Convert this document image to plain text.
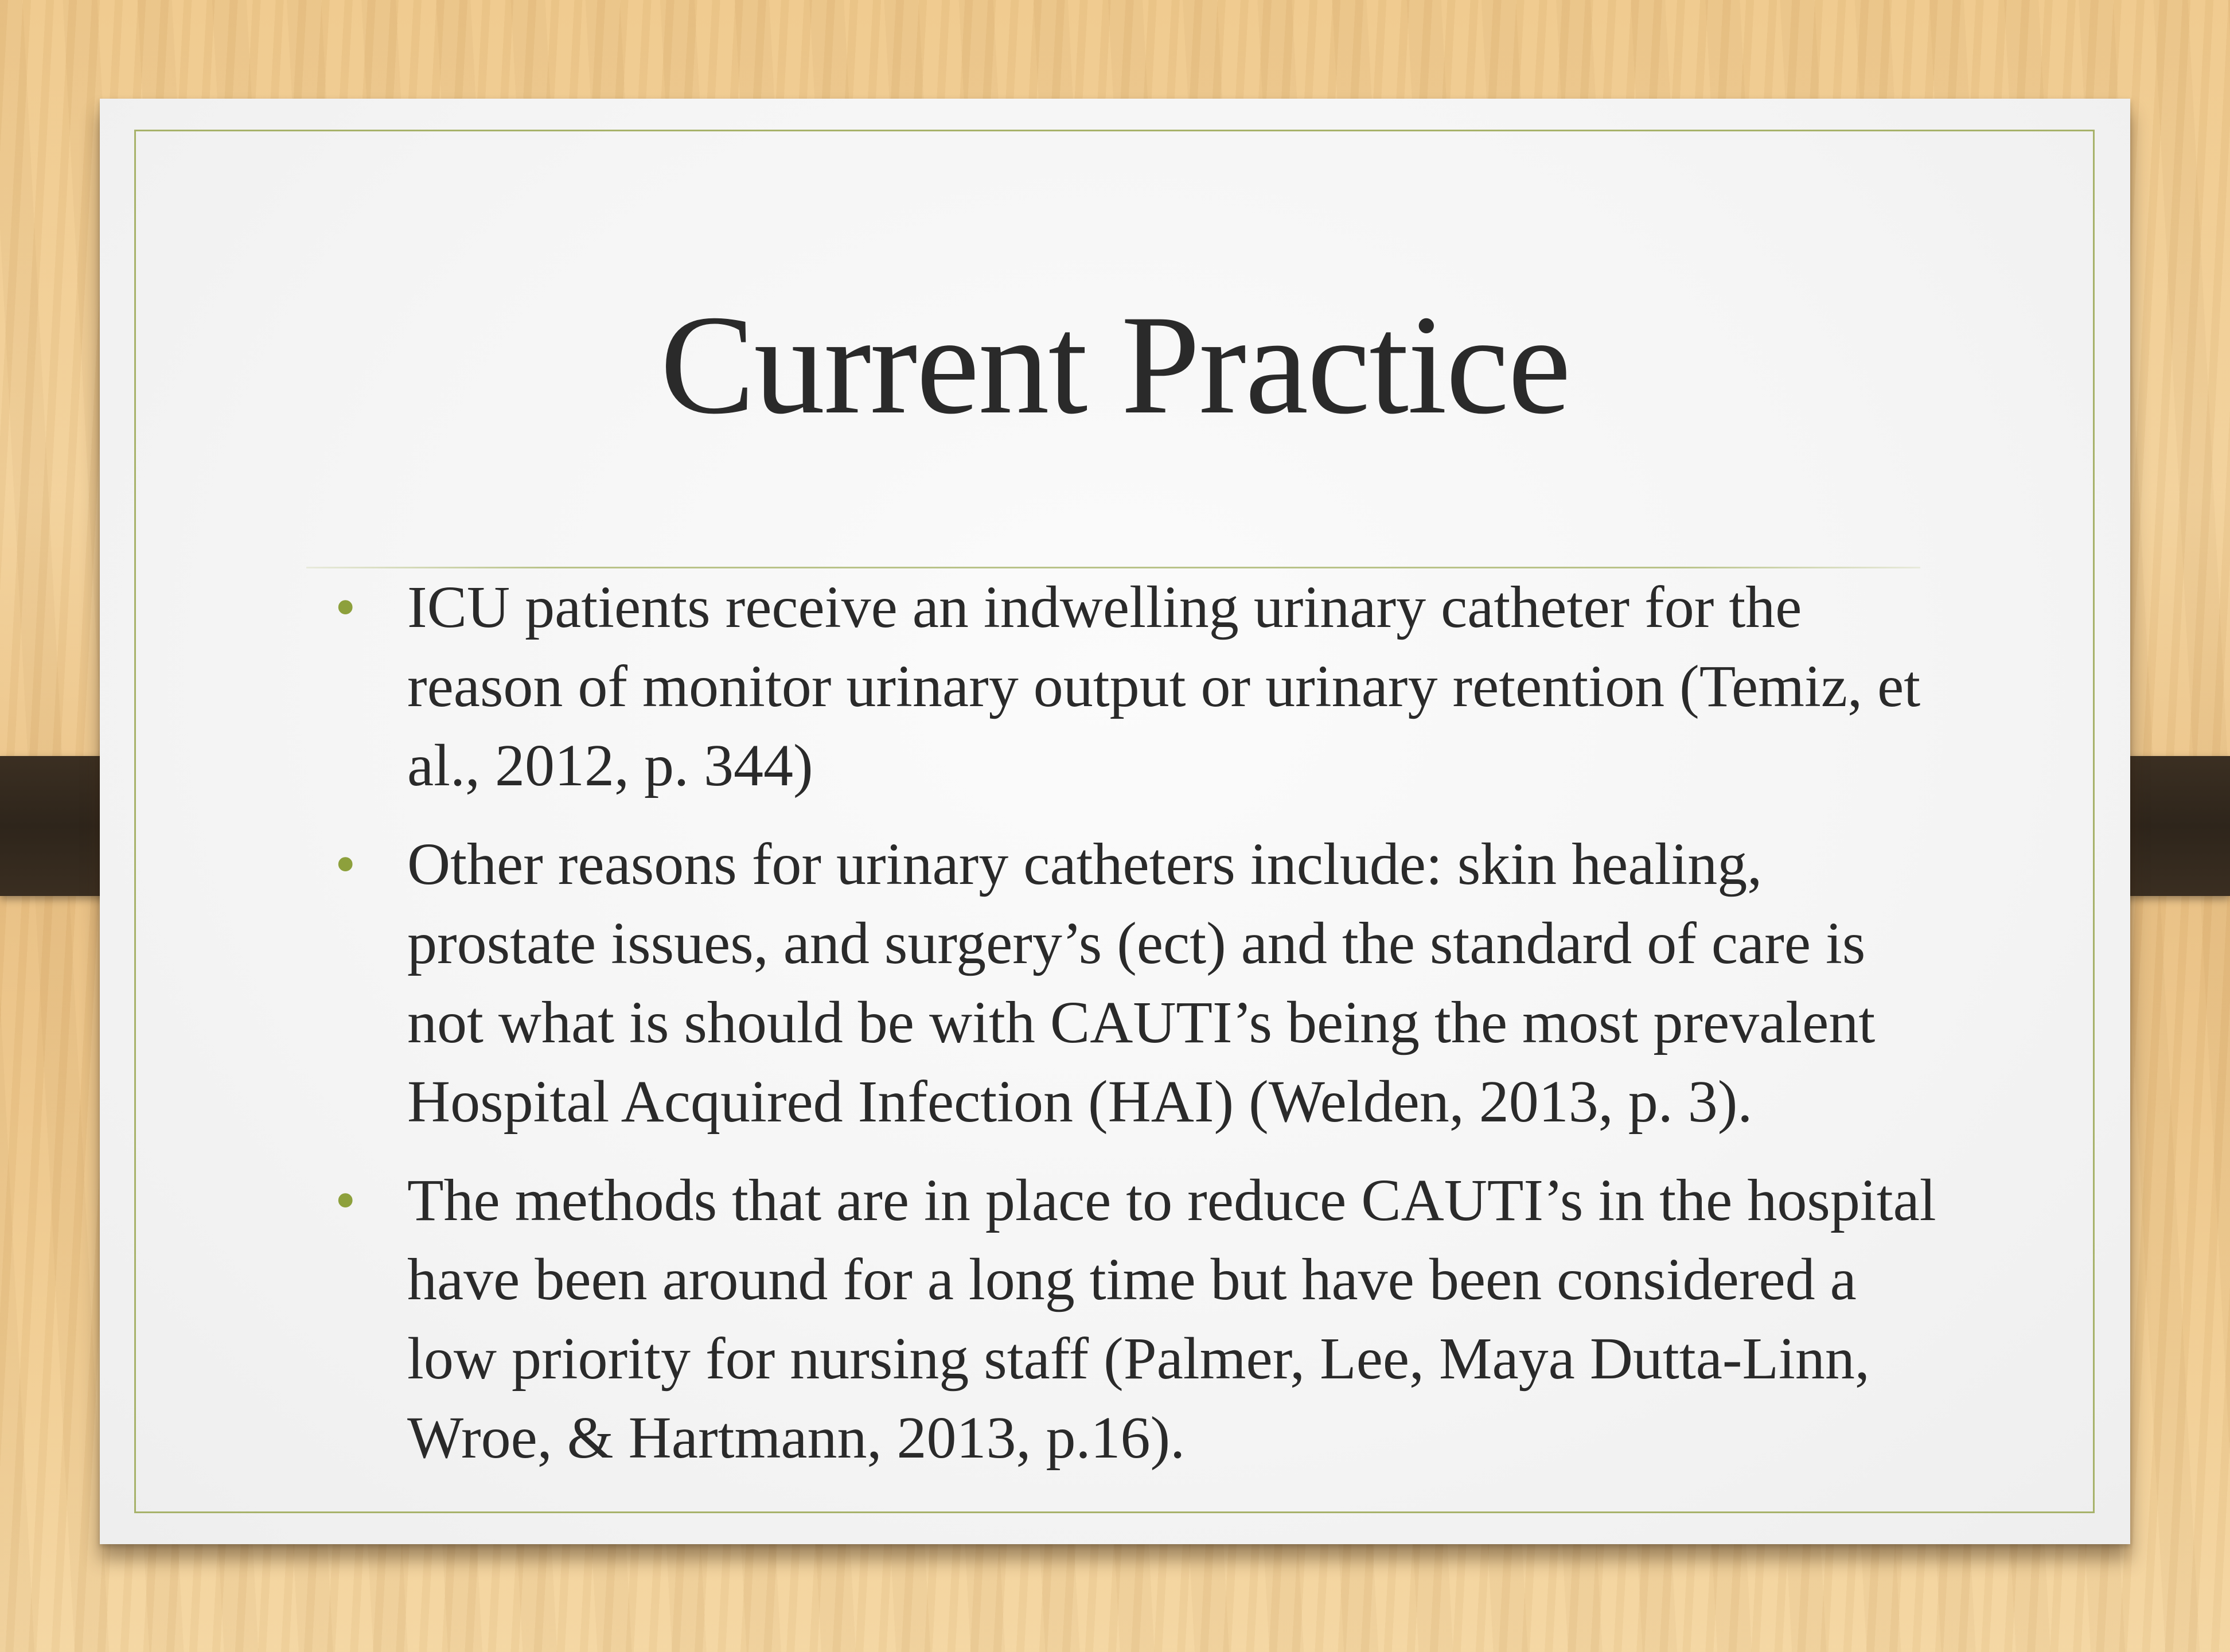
Current Practice
• ICU patients receive an indwelling urinary catheter for the
reason of monitor urinary output or urinary retention (Temiz, et
al., 2012, p. 344)
• Other reasons for urinary catheters include: skin healing,
prostate issues, and surgery’s (ect) and the standard of care is
not what is should be with CAUTI’s being the most prevalent
Hospital Acquired Infection (HAI) (Welden, 2013, p. 3).
• The methods that are in place to reduce CAUTI’s in the hospital
have been around for a long time but have been considered a
low priority for nursing staff (Palmer, Lee, Maya Dutta-Linn,
Wroe, & Hartmann, 2013, p.16).
